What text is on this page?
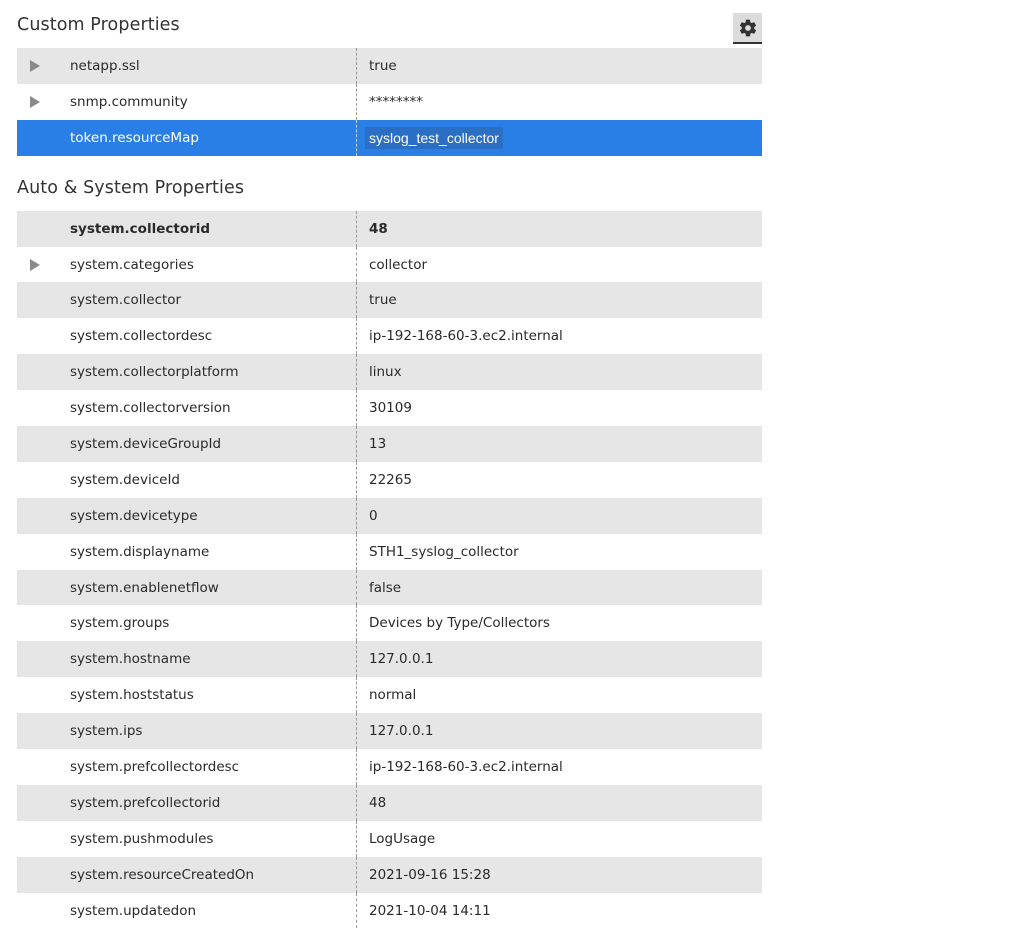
Custom Properties
netapp.ssl	true
snmp.community	********
token.resourceMap	syslog_test_collector
Auto & System Properties
system.collectorid	48
system.categories	collector
system.collector	true
system.collectordesc	ip-192-168-60-3.ec2.internal
system.collectorplatform	linux
system.collectorversion	30109
system.deviceGroupId	13
system.deviceId	22265
system.devicetype	0
system.displayname	STH1_syslog_collector
system.enablenetflow	false
system.groups	Devices by Type/Collectors
system.hostname	127.0.0.1
system.hoststatus	normal
system.ips	127.0.0.1
system.prefcollectordesc	ip-192-168-60-3.ec2.internal
system.prefcollectorid	48
system.pushmodules	LogUsage
system.resourceCreatedOn	2021-09-16 15:28
system.updatedon	2021-10-04 14:11
